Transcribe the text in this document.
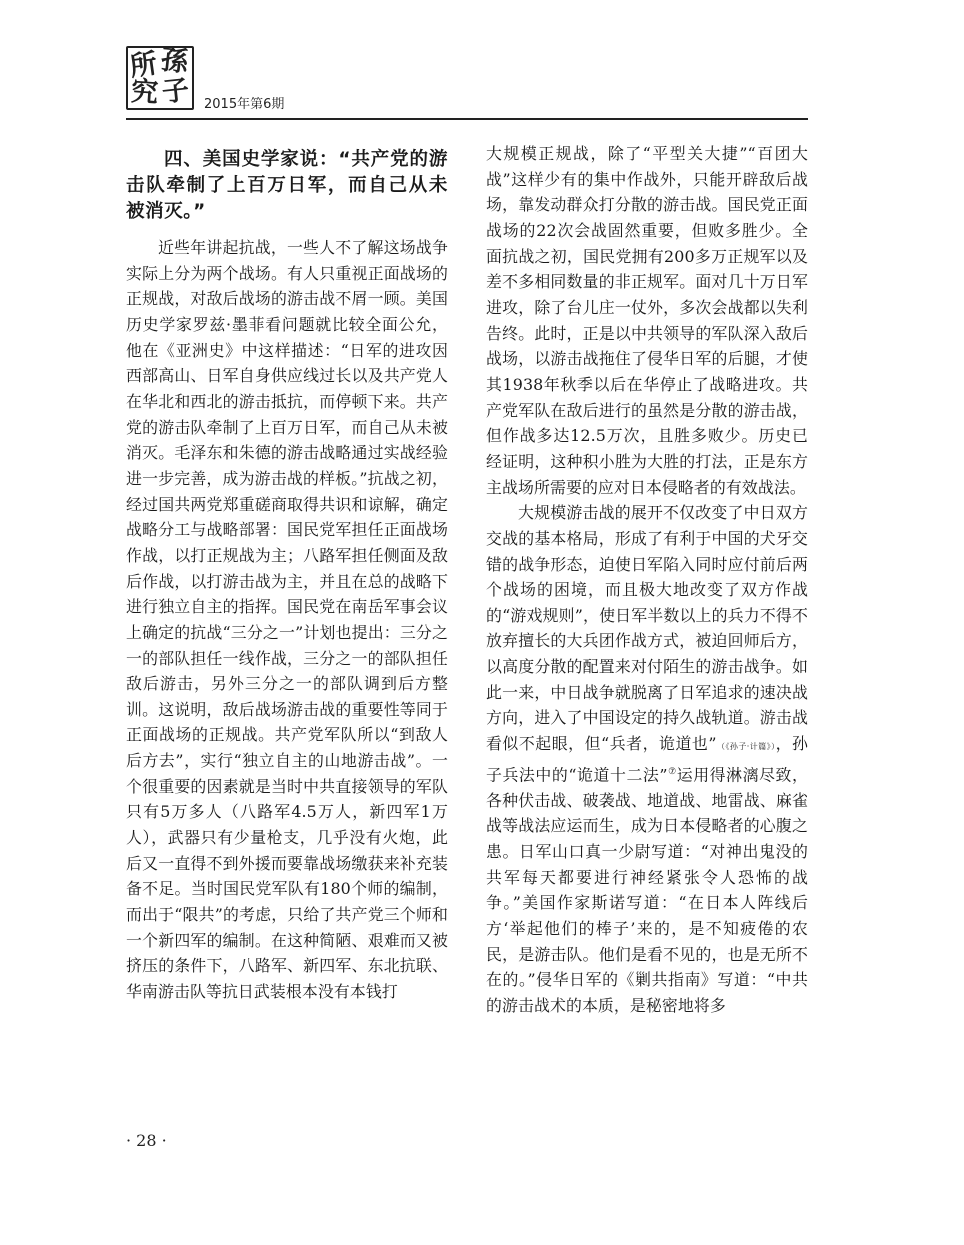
所 孫
究 子 2015年第6期
四、美国史学家说：“共产党的游击队牵制了上百万日军，而自己从未被消灭。”

近些年讲起抗战，一些人不了解这场战争实际上分为两个战场。有人只重视正面战场的正规战，对敌后战场的游击战不屑一顾。美国历史学家罗兹·墨菲看问题就比较全面公允，他在《亚洲史》中这样描述：“日军的进攻因西部高山、日军自身供应线过长以及共产党人在华北和西北的游击抵抗，而停顿下来。共产党的游击队牵制了上百万日军，而自己从未被消灭。毛泽东和朱德的游击战略通过实战经验进一步完善，成为游击战的样板。”抗战之初，经过国共两党郑重磋商取得共识和谅解，确定战略分工与战略部署：国民党军担任正面战场作战，以打正规战为主；八路军担任侧面及敌后作战，以打游击战为主，并且在总的战略下进行独立自主的指挥。国民党在南岳军事会议上确定的抗战“三分之一”计划也提出：三分之一的部队担任一线作战，三分之一的部队担任敌后游击，另外三分之一的部队调到后方整训。这说明，敌后战场游击战的重要性等同于正面战场的正规战。共产党军队所以“到敌人后方去”，实行“独立自主的山地游击战”。一个很重要的因素就是当时中共直接领导的军队只有5万多人（八路军4.5万人，新四军1万人），武器只有少量枪支，几乎没有火炮，此后又一直得不到外援而要靠战场缴获来补充装备不足。当时国民党军队有180个师的编制，而出于“限共”的考虑，只给了共产党三个师和一个新四军的编制。在这种简陋、艰难而又被挤压的条件下，八路军、新四军、东北抗联、华南游击队等抗日武装根本没有本钱打

大规模正规战，除了“平型关大捷”“百团大战”这样少有的集中作战外，只能开辟敌后战场，靠发动群众打分散的游击战。国民党正面战场的22次会战固然重要，但败多胜少。全面抗战之初，国民党拥有200多万正规军以及差不多相同数量的非正规军。面对几十万日军进攻，除了台儿庄一仗外，多次会战都以失利告终。此时，正是以中共领导的军队深入敌后战场，以游击战拖住了侵华日军的后腿，才使其1938年秋季以后在华停止了战略进攻。共产党军队在敌后进行的虽然是分散的游击战，但作战多达12.5万次，且胜多败少。历史已经证明，这种积小胜为大胜的打法，正是东方主战场所需要的应对日本侵略者的有效战法。

大规模游击战的展开不仅改变了中日双方交战的基本格局，形成了有利于中国的犬牙交错的战争形态，迫使日军陷入同时应付前后两个战场的困境，而且极大地改变了双方作战的“游戏规则”，使日军半数以上的兵力不得不放弃擅长的大兵团作战方式，被迫回师后方，以高度分散的配置来对付陌生的游击战争。如此一来，中日战争就脱离了日军追求的速决战方向，进入了中国设定的持久战轨道。游击战看似不起眼，但“兵者，诡道也”（《孙子·计篇》），孙子兵法中的“诡道十二法”⑦运用得淋漓尽致，各种伏击战、破袭战、地道战、地雷战、麻雀战等战法应运而生，成为日本侵略者的心腹之患。日军山口真一少尉写道：“对神出鬼没的共军每天都要进行神经紧张令人恐怖的战争。”美国作家斯诺写道：“在日本人阵线后方‘举起他们的棒子’来的，是不知疲倦的农民，是游击队。他们是看不见的，也是无所不在的。”侵华日军的《剿共指南》写道：“中共的游击战术的本质，是秘密地将多

· 28 ·
